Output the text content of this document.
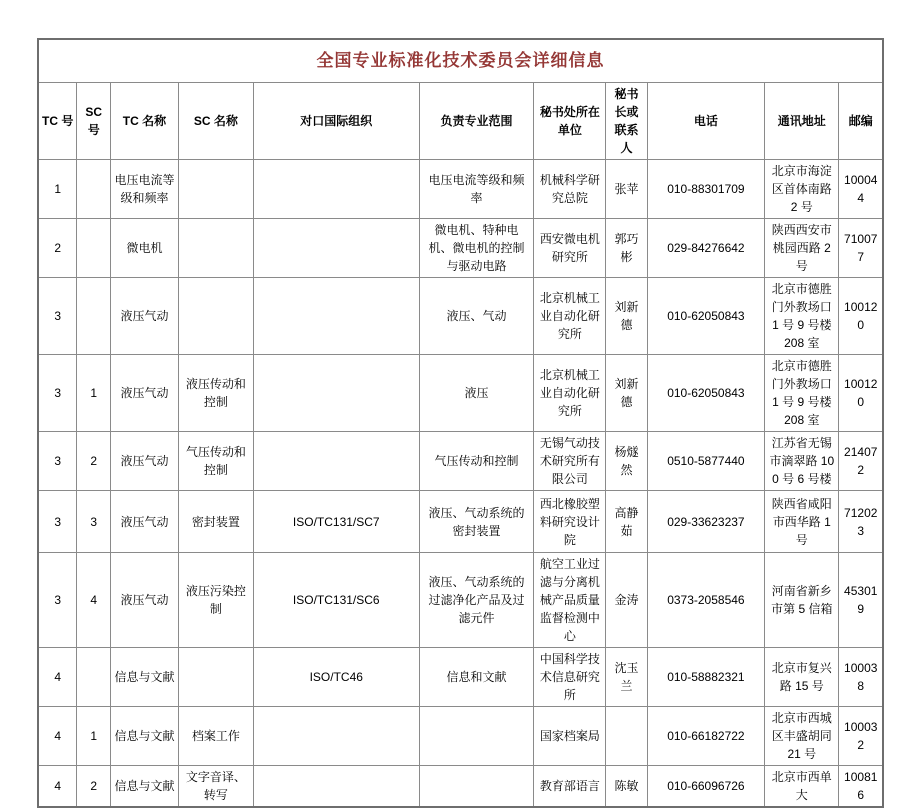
全国专业标准化技术委员会详细信息										
TC 号	SC 号	TC 名称	SC 名称	对口国际组织	负责专业范围	秘书处所在单位	秘书长或联系人	电话	通讯地址	邮编
1		电压电流等级和频率			电压电流等级和频率	机械科学研究总院	张苹	010-88301709	北京市海淀区首体南路 2 号	100044
2		微电机			微电机、特种电机、微电机的控制与驱动电路	西安微电机研究所	郭巧彬	029-84276642	陕西西安市桃园西路 2 号	710077
3		液压气动			液压、气动	北京机械工业自动化研究所	刘新德	010-62050843	北京市德胜门外教场口 1 号 9 号楼 208 室	100120
3	1	液压气动	液压传动和控制		液压	北京机械工业自动化研究所	刘新德	010-62050843	北京市德胜门外教场口 1 号 9 号楼 208 室	100120
3	2	液压气动	气压传动和控制		气压传动和控制	无锡气动技术研究所有限公司	杨燧然	0510-5877440	江苏省无锡市滴翠路 100 号 6 号楼	214072
3	3	液压气动	密封装置	ISO/TC131/SC7	液压、气动系统的密封装置	西北橡胶塑料研究设计院	高静茹	029-33623237	陕西省咸阳市西华路 1 号	712023
3	4	液压气动	液压污染控制	ISO/TC131/SC6	液压、气动系统的过滤净化产品及过滤元件	航空工业过滤与分离机械产品质量监督检测中心	金涛	0373-2058546	河南省新乡市第 5 信箱	453019
4		信息与文献		ISO/TC46	信息和文献	中国科学技术信息研究所	沈玉兰	010-58882321	北京市复兴路 15 号	100038
4	1	信息与文献	档案工作			国家档案局		010-66182722	北京市西城区丰盛胡同 21 号	100032
4	2	信息与文献	文字音译、转写			教育部语言	陈敏	010-66096726	北京市西单大	100816
